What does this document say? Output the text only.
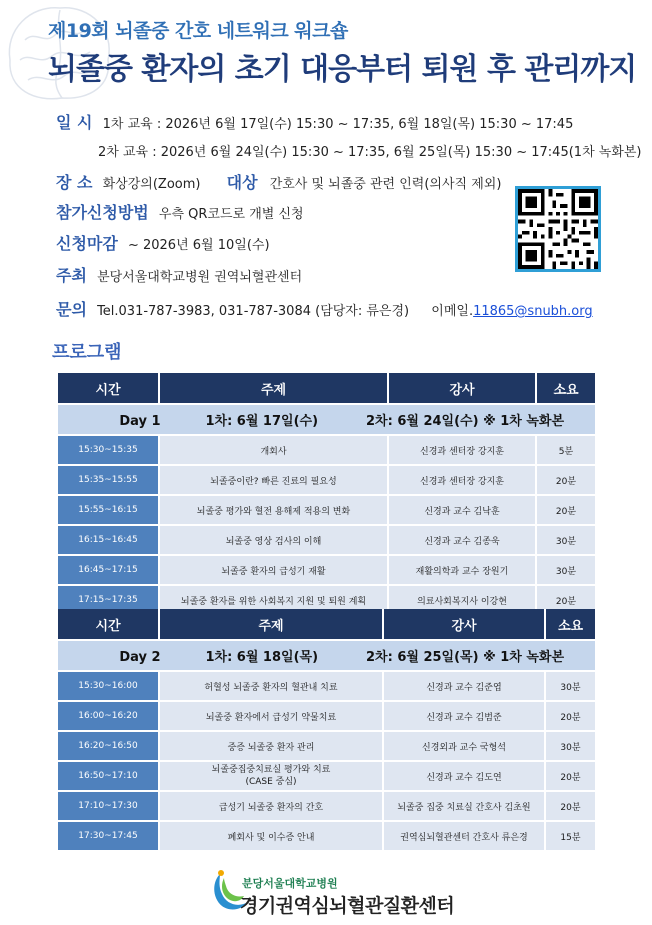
제19회 뇌졸중 간호 네트워크 워크숍
뇌졸중 환자의 초기 대응부터 퇴원 후 관리까지
일 시 1차 교육 : 2026년 6월 17일(수) 15:30 ~ 17:35, 6월 18일(목) 15:30 ~ 17:45
2차 교육 : 2026년 6월 24일(수) 15:30 ~ 17:35, 6월 25일(목) 15:30 ~ 17:45(1차 녹화본)
장 소 화상강의(Zoom) 대상 간호사 및 뇌졸중 관련 인력(의사직 제외)
참가신청방법 우측 QR코드로 개별 신청
신청마감 ~ 2026년 6월 10일(수)
주최 분당서울대학교병원 권역뇌혈관센터
문의 Tel.031-787-3983, 031-787-3084 (담당자: 류은경) 이메일.11865@snubh.org
프로그램
시간	주제	강사	소요
Day 1 1차: 6월 17일(수) 2차: 6월 24일(수) ※ 1차 녹화본			
15:30~15:35	개회사	신경과 센터장 강지훈	5분
15:35~15:55	뇌졸중이란? 빠른 진료의 필요성	신경과 센터장 강지훈	20분
15:55~16:15	뇌졸중 평가와 혈전 용해제 적용의 변화	신경과 교수 김낙훈	20분
16:15~16:45	뇌졸중 영상 검사의 이해	신경과 교수 김종욱	30분
16:45~17:15	뇌졸중 환자의 급성기 재활	재활의학과 교수 장원기	30분
17:15~17:35	뇌졸중 환자를 위한 사회복지 지원 및 퇴원 계획	의료사회복지사 이강현	20분
시간	주제	강사	소요
Day 2 1차: 6월 18일(목) 2차: 6월 25일(목) ※ 1차 녹화본			
15:30~16:00	허혈성 뇌졸중 환자의 혈관내 치료	신경과 교수 김준엽	30분
16:00~16:20	뇌졸중 환자에서 급성기 약물치료	신경과 교수 김범준	20분
16:20~16:50	중증 뇌졸중 환자 관리	신경외과 교수 국형석	30분
16:50~17:10	뇌졸중집중치료실 평가와 치료
(CASE 중심)	신경과 교수 김도연	20분
17:10~17:30	급성기 뇌졸중 환자의 간호	뇌졸중 집중 치료실 간호사 김초원	20분
17:30~17:45	폐회사 및 이수증 안내	권역심뇌혈관센터 간호사 류은경	15분
분당서울대학교병원
경기권역심뇌혈관질환센터
